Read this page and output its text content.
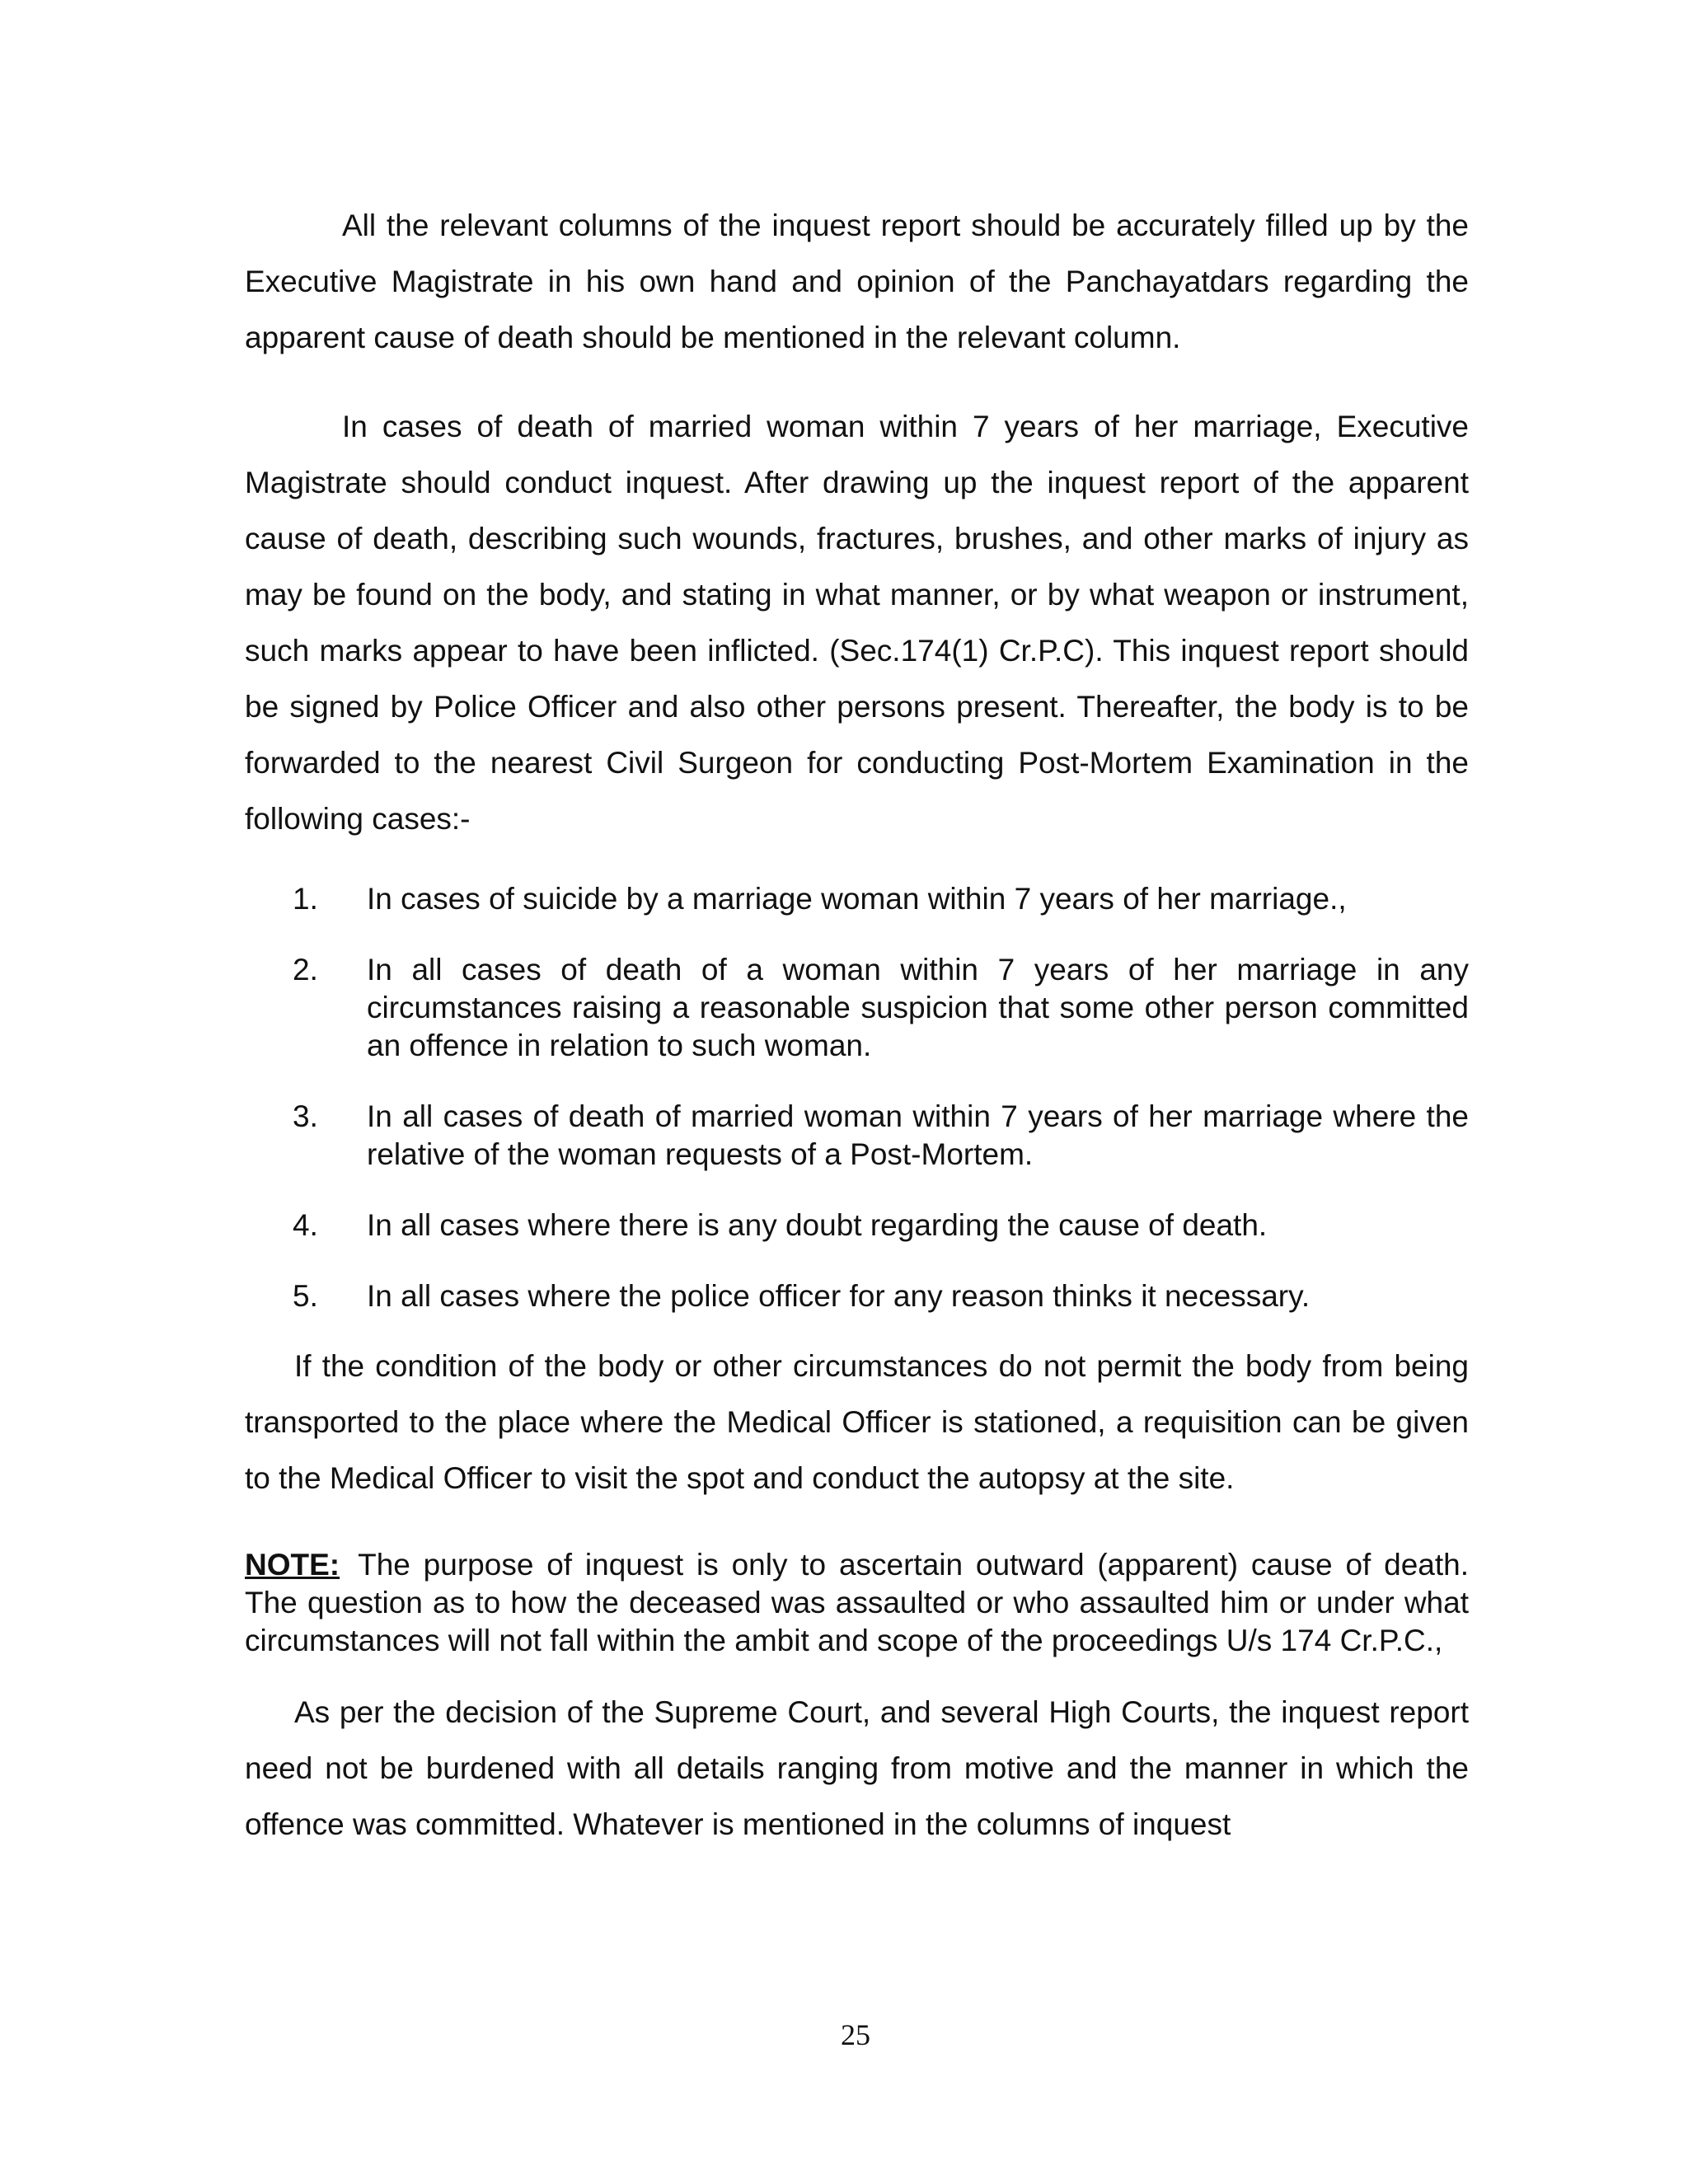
All the relevant columns of the inquest report should be accurately filled up by the Executive Magistrate in his own hand and opinion of the Panchayatdars regarding the apparent cause of death should be mentioned in the relevant column.

In cases of death of married woman within 7 years of her marriage, Executive Magistrate should conduct inquest. After drawing up the inquest report of the apparent cause of death, describing such wounds, fractures, brushes, and other marks of injury as may be found on the body, and stating in what manner, or by what weapon or instrument, such marks appear to have been inflicted. (Sec.174(1) Cr.P.C). This inquest report should be signed by Police Officer and also other persons present. Thereafter, the body is to be forwarded to the nearest Civil Surgeon for conducting Post-Mortem Examination in the following cases:-

1.	In cases of suicide by a marriage woman within 7 years of her marriage.,
2.	In all cases of death of a woman within 7 years of her marriage in any circumstances raising a reasonable suspicion that some other person committed an offence in relation to such woman.
3.	In all cases of death of married woman within 7 years of her marriage where the relative of the woman requests of a Post-Mortem.
4.	In all cases where there is any doubt regarding the cause of death.
5.	In all cases where the police officer for any reason thinks it necessary.

If the condition of the body or other circumstances do not permit the body from being transported to the place where the Medical Officer is stationed, a requisition can be given to the Medical Officer to visit the spot and conduct the autopsy at the site.

NOTE: The purpose of inquest is only to ascertain outward (apparent) cause of death. The question as to how the deceased was assaulted or who assaulted him or under what circumstances will not fall within the ambit and scope of the proceedings U/s 174 Cr.P.C.,

As per the decision of the Supreme Court, and several High Courts, the inquest report need not be burdened with all details ranging from motive and the manner in which the offence was committed. Whatever is mentioned in the columns of inquest

25
